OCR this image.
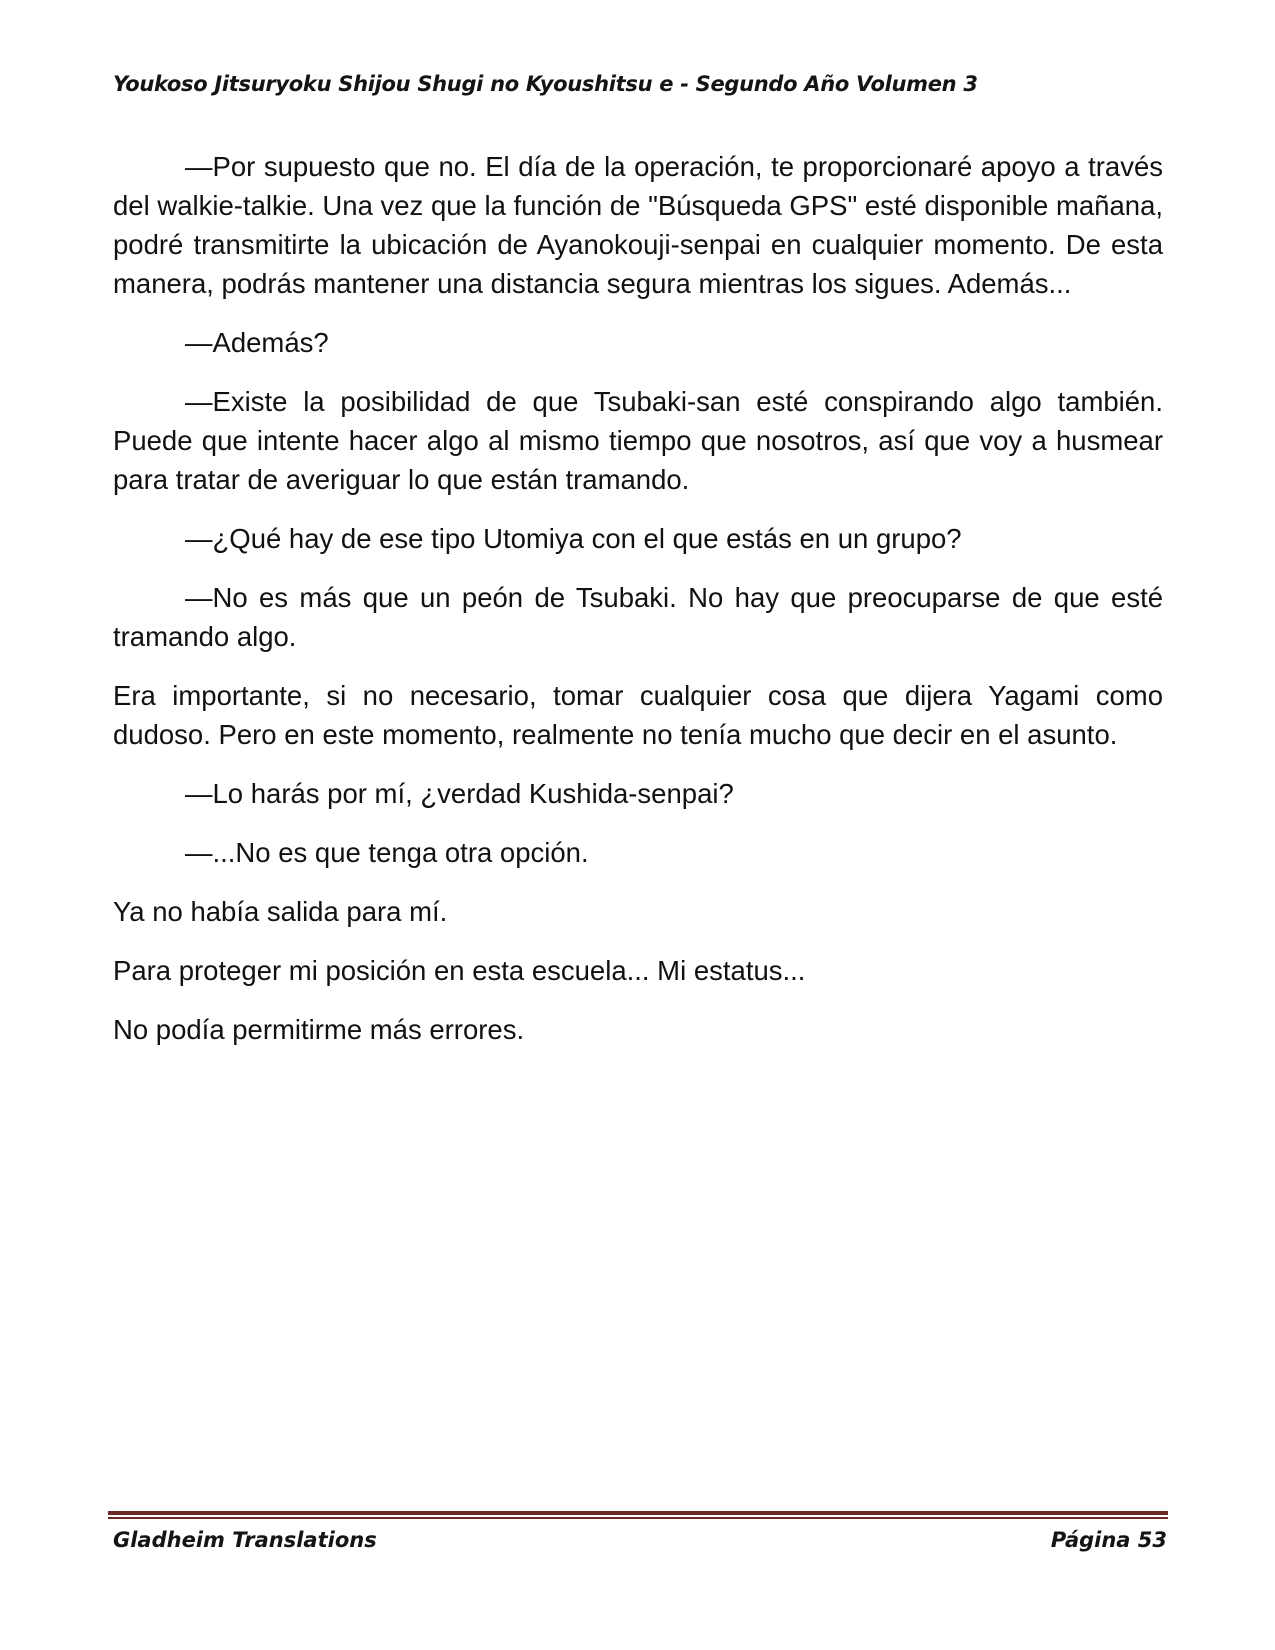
Youkoso Jitsuryoku Shijou Shugi no Kyoushitsu e - Segundo Año Volumen 3

—Por supuesto que no. El día de la operación, te proporcionaré apoyo a través del walkie-talkie. Una vez que la función de "Búsqueda GPS" esté disponible mañana, podré transmitirte la ubicación de Ayanokouji-senpai en cualquier momento. De esta manera, podrás mantener una distancia segura mientras los sigues. Además...

—Además?

—Existe la posibilidad de que Tsubaki-san esté conspirando algo también. Puede que intente hacer algo al mismo tiempo que nosotros, así que voy a husmear para tratar de averiguar lo que están tramando.

—¿Qué hay de ese tipo Utomiya con el que estás en un grupo?

—No es más que un peón de Tsubaki. No hay que preocuparse de que esté tramando algo.

Era importante, si no necesario, tomar cualquier cosa que dijera Yagami como dudoso. Pero en este momento, realmente no tenía mucho que decir en el asunto.

—Lo harás por mí, ¿verdad Kushida-senpai?

—...No es que tenga otra opción.

Ya no había salida para mí.

Para proteger mi posición en esta escuela... Mi estatus...

No podía permitirme más errores.

Gladheim Translations	Página 53
